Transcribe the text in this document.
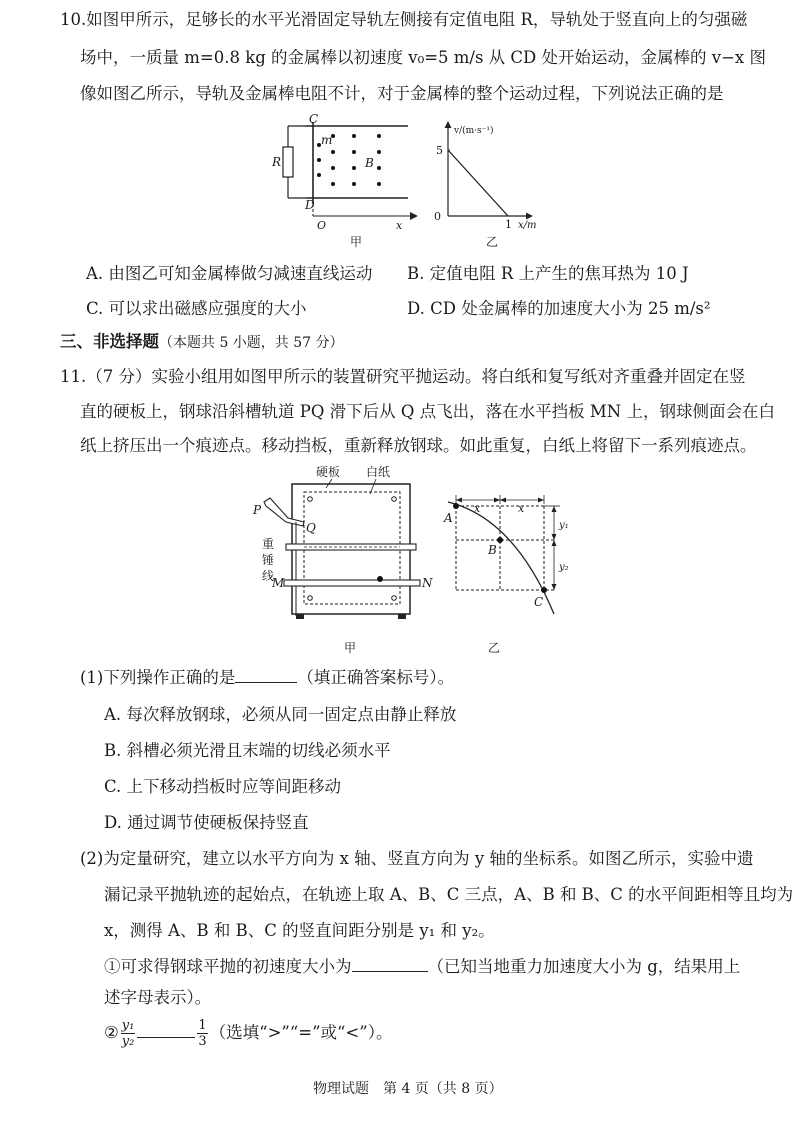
10.如图甲所示，足够长的水平光滑固定导轨左侧接有定值电阻 R，导轨处于竖直向上的匀强磁
场中，一质量 m=0.8 kg 的金属棒以初速度 v₀=5 m/s 从 CD 处开始运动，金属棒的 v−x 图
像如图乙所示，导轨及金属棒电阻不计，对于金属棒的整个运动过程，下列说法正确的是
C
D
R
m
B
O	x
甲
v/(m·s⁻¹)
x/m
0
5
1
乙
A. 由图乙可知金属棒做匀减速直线运动 B. 定值电阻 R 上产生的焦耳热为 10 J
C. 可以求出磁感应强度的大小	D. CD 处金属棒的加速度大小为 25 m/s²
三、非选择题（本题共 5 小题，共 57 分）
11.（7 分）实验小组用如图甲所示的装置研究平抛运动。将白纸和复写纸对齐重叠并固定在竖
直的硬板上，钢球沿斜槽轨道 PQ 滑下后从 Q 点飞出，落在水平挡板 MN 上，钢球侧面会在白
纸上挤压出一个痕迹点。移动挡板，重新释放钢球。如此重复，白纸上将留下一系列痕迹点。
硬板 白纸
P
Q
重
锤
线
M	N
甲
x	x
A
B
C
y₁
y₂
乙
(1)下列操作正确的是	（填正确答案标号）。
A. 每次释放钢球，必须从同一固定点由静止释放
B. 斜槽必须光滑且末端的切线必须水平
C. 上下移动挡板时应等间距移动
D. 通过调节使硬板保持竖直
(2)为定量研究，建立以水平方向为 x 轴、竖直方向为 y 轴的坐标系。如图乙所示，实验中遗
漏记录平抛轨迹的起始点，在轨迹上取 A、B、C 三点，A、B 和 B、C 的水平间距相等且均为
x，测得 A、B 和 B、C 的竖直间距分别是 y₁ 和 y₂。
①可求得钢球平抛的初速度大小为	（已知当地重力加速度大小为 g，结果用上
述字母表示）。
② $\frac{\text{y₁}}{\text{y₂}}$	$\frac{1}{3}$ （选填“>”“=”或“<”）。
物理试题　第 4 页（共 8 页）
